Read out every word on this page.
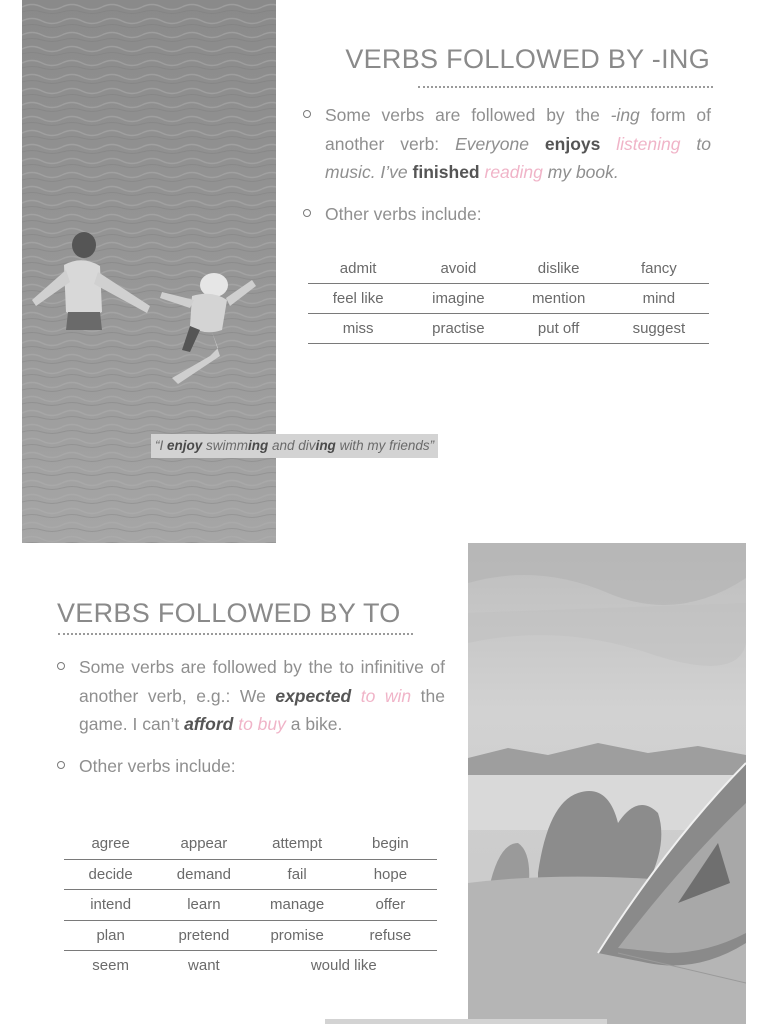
VERBS FOLLOWED BY -ING
Some verbs are followed by the -ing form of another verb: Everyone enjoys listening to music. I’ve finished reading my book.
Other verbs include:
admit	avoid	dislike	fancy
feel like	imagine	mention	mind
miss	practise	put off	suggest
“I enjoy swimming and diving with my friends”
VERBS FOLLOWED BY TO
Some verbs are followed by the to infinitive of another verb, e.g.: We expected to win the game. I can’t afford to buy a bike.
Other verbs include:
agree	appear	attempt	begin
decide	demand	fail	hope
intend	learn	manage	offer
plan	pretend	promise	refuse
seem	want	would like	
